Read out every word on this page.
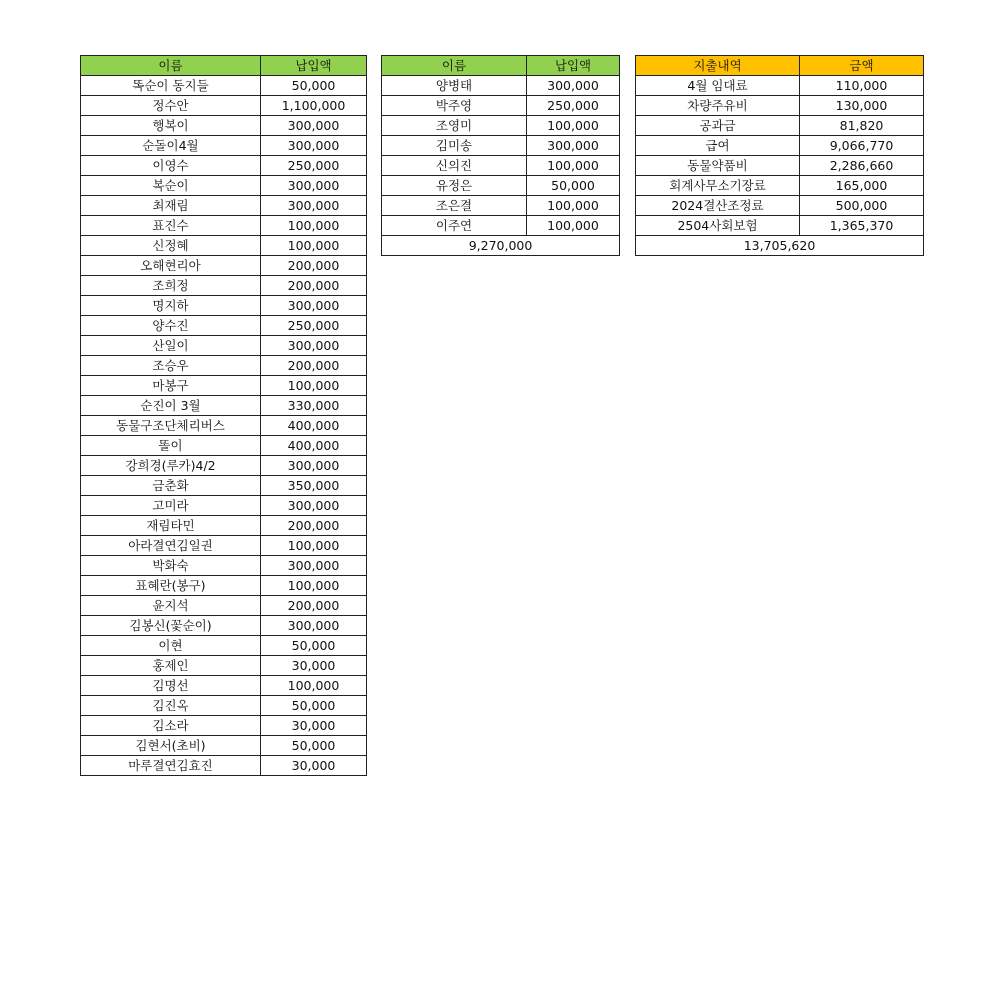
이름	납입액
똑순이 동지들	50,000
정수안	1,100,000
행복이	300,000
순돌이4월	300,000
이영수	250,000
복순이	300,000
최재림	300,000
표진수	100,000
신정혜	100,000
오해현리아	200,000
조희정	200,000
명지하	300,000
양수진	250,000
산일이	300,000
조승우	200,000
마봉구	100,000
순진이 3월	330,000
동물구조단체리버스	400,000
똘이	400,000
강희경(루카)4/2	300,000
금춘화	350,000
고미라	300,000
재림타민	200,000
아라결연김일권	100,000
박화숙	300,000
표혜란(봉구)	100,000
윤지석	200,000
김봉신(꽃순이)	300,000
이현	50,000
홍제인	30,000
김명선	100,000
김진옥	50,000
김소라	30,000
김현서(초비)	50,000
마루결연김효진	30,000
이름	납입액
양병태	300,000
박주영	250,000
조영미	100,000
김미송	300,000
신의진	100,000
유정은	50,000
조은결	100,000
이주연	100,000
9,270,000	
지출내역	금액
4월 임대료	110,000
차량주유비	130,000
공과금	81,820
급여	9,066,770
동물약품비	2,286,660
회계사무소기장료	165,000
2024결산조정료	500,000
2504사회보험	1,365,370
13,705,620	
